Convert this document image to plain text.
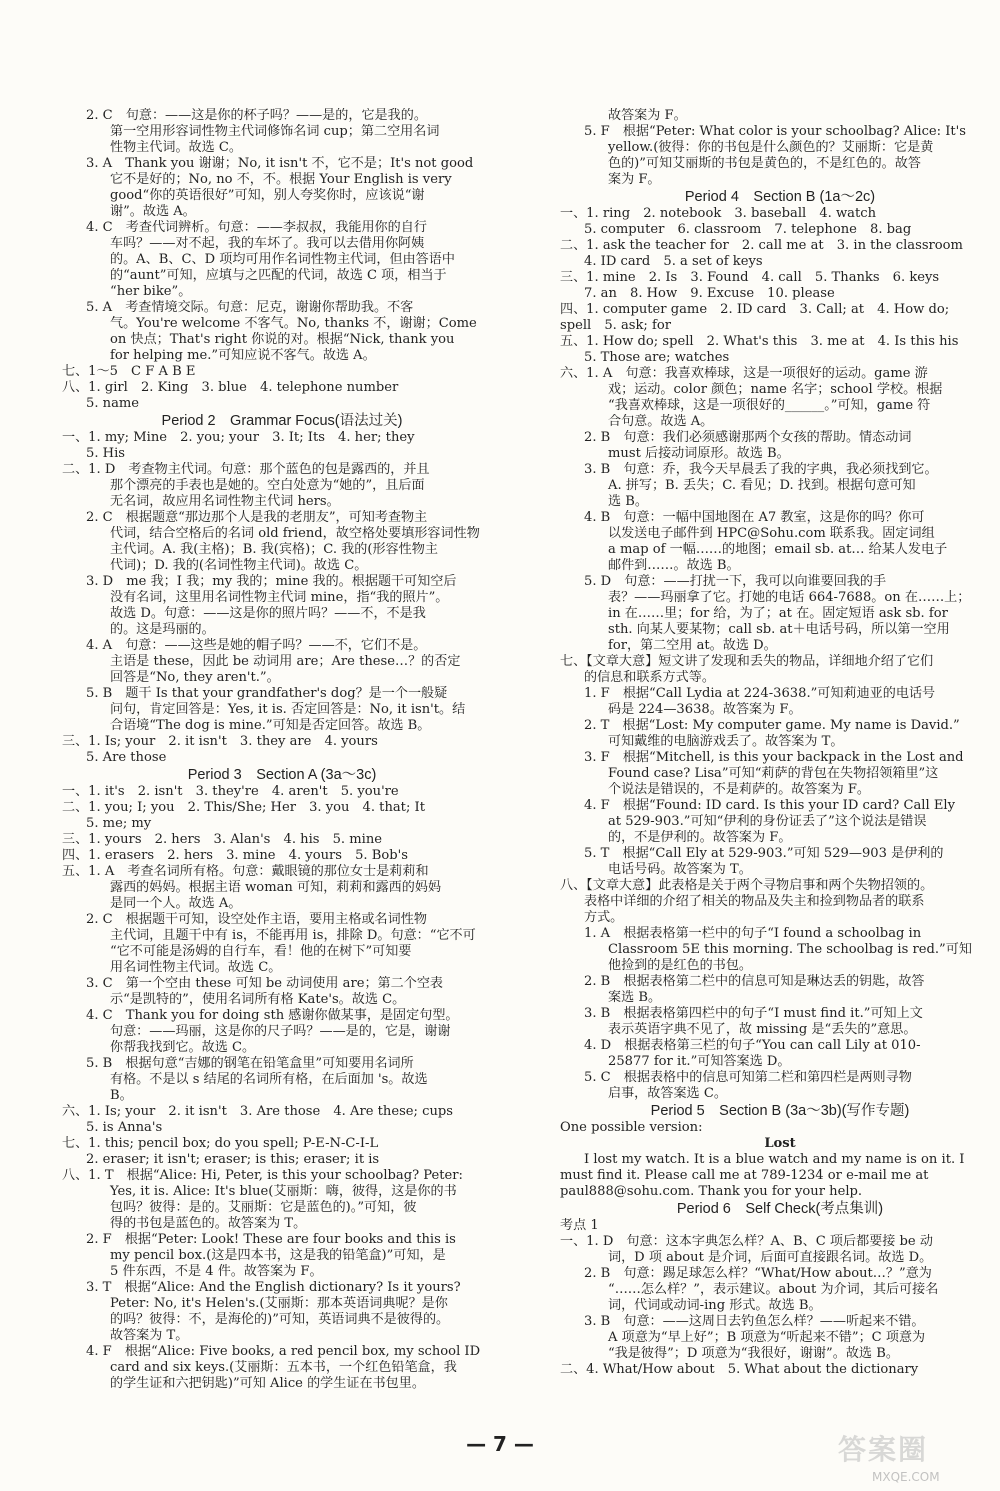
2. C　句意：——这是你的杯子吗？——是的，它是我的。
第一空用形容词性物主代词修饰名词 cup；第二空用名词
性物主代词。故选 C。
3. A　Thank you 谢谢；No, it isn't 不，它不是；It's not good
它不是好的；No, no 不，不。根据 Your English is very
good“你的英语很好”可知，别人夸奖你时，应该说“谢
谢”。故选 A。
4. C　考查代词辨析。句意：——李叔叔，我能用你的自行
车吗？——对不起，我的车坏了。我可以去借用你阿姨
的。A、B、C、D 项均可用作名词性物主代词，但由答语中
的“aunt”可知，应填与之匹配的代词，故选 C 项，相当于
“her bike”。
5. A　考查情境交际。句意：尼克，谢谢你帮助我。不客
气。You're welcome 不客气。No, thanks 不，谢谢；Come
on 快点；That's right 你说的对。根据“Nick, thank you
for helping me.”可知应说不客气。故选 A。
七、1～5　C F A B E
八、1. girl　2. King　3. blue　4. telephone number
5. name
Period 2　Grammar Focus(语法过关)
一、1. my; Mine　2. you; your　3. It; Its　4. her; they
5. His
二、1. D　考查物主代词。句意：那个蓝色的包是露西的，并且
那个漂亮的手表也是她的。空白处意为“她的”，且后面
无名词，故应用名词性物主代词 hers。
2. C　根据题意“那边那个人是我的老朋友”，可知考查物主
代词，结合空格后的名词 old friend，故空格处要填形容词性物
主代词。A. 我(主格)；B. 我(宾格)；C. 我的(形容性物主
代词)；D. 我的(名词性物主代词)。故选 C。
3. D　me 我；I 我；my 我的；mine 我的。根据题干可知空后
没有名词，这里用名词性物主代词 mine，指“我的照片”。
故选 D。句意：——这是你的照片吗？——不，不是我
的。这是玛丽的。
4. A　句意：——这些是她的帽子吗？——不，它们不是。
主语是 these，因此 be 动词用 are；Are these…？的否定
回答是“No, they aren't.”。
5. B　题干 Is that your grandfather's dog？是一个一般疑
问句，肯定回答是：Yes, it is. 否定回答是：No, it isn't。结
合语境“The dog is mine.”可知是否定回答。故选 B。
三、1. Is; your　2. it isn't　3. they are　4. yours
5. Are those
Period 3　Section A (3a～3c)
一、1. it's　2. isn't　3. they're　4. aren't　5. you're
二、1. you; I; you　2. This/She; Her　3. you　4. that; It
5. me; my
三、1. yours　2. hers　3. Alan's　4. his　5. mine
四、1. erasers　2. hers　3. mine　4. yours　5. Bob's
五、1. A　考查名词所有格。句意：戴眼镜的那位女士是莉莉和
露西的妈妈。根据主语 woman 可知，莉莉和露西的妈妈
是同一个人。故选 A。
2. C　根据题干可知，设空处作主语，要用主格或名词性物
主代词，且题干中有 is，不能再用 is，排除 D。句意：“它不可
“它不可能是汤姆的自行车，看！他的在树下”可知要
用名词性物主代词。故选 C。
3. C　第一个空由 these 可知 be 动词使用 are；第二个空表
示“是凯特的”，使用名词所有格 Kate's。故选 C。
4. C　Thank you for doing sth 感谢你做某事，是固定句型。
句意：——玛丽，这是你的尺子吗？——是的，它是，谢谢
你帮我找到它。故选 C。
5. B　根据句意“吉娜的钢笔在铅笔盒里”可知要用名词所
有格。不是以 s 结尾的名词所有格，在后面加 's。故选
B。
六、1. Is; your　2. it isn't　3. Are those　4. Are these; cups
5. is Anna's
七、1. this; pencil box; do you spell; P-E-N-C-I-L
2. eraser; it isn't; eraser; is this; eraser; it is
八、1. T　根据“Alice: Hi, Peter, is this your schoolbag? Peter:
Yes, it is. Alice: It's blue(艾丽斯：嗨，彼得，这是你的书
包吗？彼得：是的。艾丽斯：它是蓝色的)。”可知，彼
得的书包是蓝色的。故答案为 T。
2. F　根据“Peter: Look! These are four books and this is
my pencil box.(这是四本书，这是我的铅笔盒)”可知，是
5 件东西，不是 4 件。故答案为 F。
3. T　根据“Alice: And the English dictionary? Is it yours?
Peter: No, it's Helen's.(艾丽斯：那本英语词典呢？是你
的吗？彼得：不，是海伦的)”可知，英语词典不是彼得的。
故答案为 T。
4. F　根据“Alice: Five books, a red pencil box, my school ID
card and six keys.(艾丽斯：五本书，一个红色铅笔盒，我
的学生证和六把钥匙)”可知 Alice 的学生证在书包里。
故答案为 F。
5. F　根据“Peter: What color is your schoolbag? Alice: It's
yellow.(彼得：你的书包是什么颜色的？艾丽斯：它是黄
色的)”可知艾丽斯的书包是黄色的，不是红色的。故答
案为 F。
Period 4　Section B (1a～2c)
一、1. ring　2. notebook　3. baseball　4. watch
5. computer　6. classroom　7. telephone　8. bag
二、1. ask the teacher for　2. call me at　3. in the classroom
4. ID card　5. a set of keys
三、1. mine　2. Is　3. Found　4. call　5. Thanks　6. keys
7. an　8. How　9. Excuse　10. please
四、1. computer game　2. ID card　3. Call; at　4. How do;
spell　5. ask; for
五、1. How do; spell　2. What's this　3. me at　4. Is this his
5. Those are; watches
六、1. A　句意：我喜欢棒球，这是一项很好的运动。game 游
戏；运动。color 颜色；name 名字；school 学校。根据
“我喜欢棒球，这是一项很好的______。”可知，game 符
合句意。故选 A。
2. B　句意：我们必须感谢那两个女孩的帮助。情态动词
must 后接动词原形。故选 B。
3. B　句意：乔，我今天早晨丢了我的字典，我必须找到它。
A. 拼写；B. 丢失；C. 看见；D. 找到。根据句意可知
选 B。
4. B　句意：一幅中国地图在 A7 教室，这是你的吗？你可
以发送电子邮件到 HPC@Sohu.com 联系我。固定词组
a map of 一幅……的地图；email sb. at… 给某人发电子
邮件到……。故选 B。
5. D　句意：——打扰一下，我可以向谁要回我的手
表？——玛丽拿了它。打她的电话 664-7688。on 在……上；
in 在……里；for 给，为了；at 在。固定短语 ask sb. for
sth. 向某人要某物；call sb. at＋电话号码，所以第一空用
for，第二空用 at。故选 D。
七、【文章大意】短文讲了发现和丢失的物品，详细地介绍了它们
的信息和联系方式等。
1. F　根据“Call Lydia at 224-3638.”可知莉迪亚的电话号
码是 224—3638。故答案为 F。
2. T　根据“Lost: My computer game. My name is David.”
可知戴维的电脑游戏丢了。故答案为 T。
3. F　根据“Mitchell, is this your backpack in the Lost and
Found case? Lisa”可知“莉萨的背包在失物招领箱里”这
个说法是错误的，不是莉萨的。故答案为 F。
4. F　根据“Found: ID card. Is this your ID card? Call Ely
at 529-903.”可知“伊利的身份证丢了”这个说法是错误
的，不是伊利的。故答案为 F。
5. T　根据“Call Ely at 529-903.”可知 529—903 是伊利的
电话号码。故答案为 T。
八、【文章大意】此表格是关于两个寻物启事和两个失物招领的。
表格中详细的介绍了相关的物品及失主和捡到物品者的联系
方式。
1. A　根据表格第一栏中的句子“I found a schoolbag in
Classroom 5E this morning. The schoolbag is red.”可知
他捡到的是红色的书包。
2. B　根据表格第二栏中的信息可知是琳达丢的钥匙，故答
案选 B。
3. B　根据表格第四栏中的句子“I must find it.”可知上文
表示英语字典不见了，故 missing 是“丢失的”意思。
4. D　根据表格第三栏的句子“You can call Lily at 010-
25877 for it.”可知答案选 D。
5. C　根据表格中的信息可知第二栏和第四栏是两则寻物
启事，故答案选 C。
Period 5　Section B (3a～3b)(写作专题)
One possible version:
Lost
I lost my watch. It is a blue watch and my name is on it. I must find it. Please call me at 789-1234 or e-mail me at paul888@sohu.com. Thank you for your help.
Period 6　Self Check(考点集训)
考点 1
一、1. D　句意：这本字典怎么样？A、B、C 项后都要接 be 动
词，D 项 about 是介词，后面可直接跟名词。故选 D。
2. B　句意：踢足球怎么样？“What/How about…？”意为
“……怎么样？”，表示建议。about 为介词，其后可接名
词，代词或动词-ing 形式。故选 B。
3. B　句意：——这周日去钓鱼怎么样？——听起来不错。
A 项意为“早上好”；B 项意为“听起来不错”；C 项意为
“我是彼得”；D 项意为“我很好，谢谢”。故选 B。
二、4. What/How about　5. What about the dictionary
— 7 —	答案圈
MXQE.COM
